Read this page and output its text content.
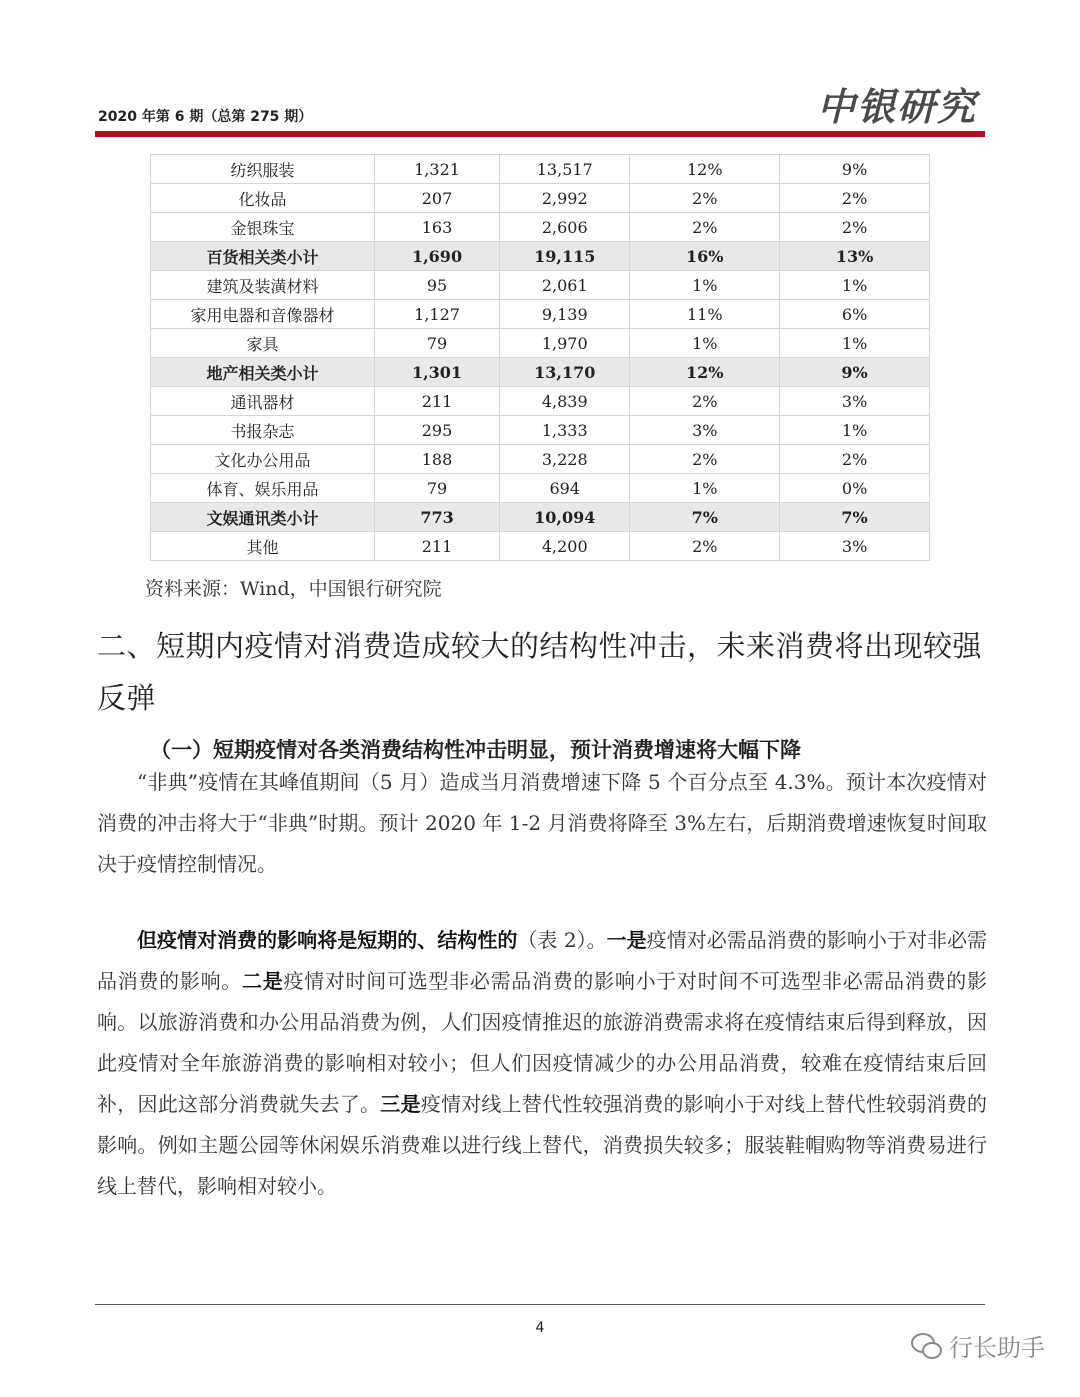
2020 年第 6 期（总第 275 期）	中银研究
纺织服装	1,321	13,517	12%	9%
化妆品	207	2,992	2%	2%
金银珠宝	163	2,606	2%	2%
百货相关类小计	1,690	19,115	16%	13%
建筑及装潢材料	95	2,061	1%	1%
家用电器和音像器材	1,127	9,139	11%	6%
家具	79	1,970	1%	1%
地产相关类小计	1,301	13,170	12%	9%
通讯器材	211	4,839	2%	3%
书报杂志	295	1,333	3%	1%
文化办公用品	188	3,228	2%	2%
体育、娱乐用品	79	694	1%	0%
文娱通讯类小计	773	10,094	7%	7%
其他	211	4,200	2%	3%
资料来源：Wind，中国银行研究院
二、短期内疫情对消费造成较大的结构性冲击，未来消费将出现较强反弹
（一）短期疫情对各类消费结构性冲击明显，预计消费增速将大幅下降
“非典”疫情在其峰值期间（5 月）造成当月消费增速下降 5 个百分点至 4.3%。预计本次疫情对消费的冲击将大于“非典”时期。预计 2020 年 1-2 月消费将降至 3%左右，后期消费增速恢复时间取决于疫情控制情况。
但疫情对消费的影响将是短期的、结构性的（表 2）。一是疫情对必需品消费的影响小于对非必需品消费的影响。二是疫情对时间可选型非必需品消费的影响小于对时间不可选型非必需品消费的影响。以旅游消费和办公用品消费为例，人们因疫情推迟的旅游消费需求将在疫情结束后得到释放，因此疫情对全年旅游消费的影响相对较小；但人们因疫情减少的办公用品消费，较难在疫情结束后回补，因此这部分消费就失去了。三是疫情对线上替代性较强消费的影响小于对线上替代性较弱消费的影响。例如主题公园等休闲娱乐消费难以进行线上替代，消费损失较多；服装鞋帽购物等消费易进行线上替代，影响相对较小。
4
行长助手
